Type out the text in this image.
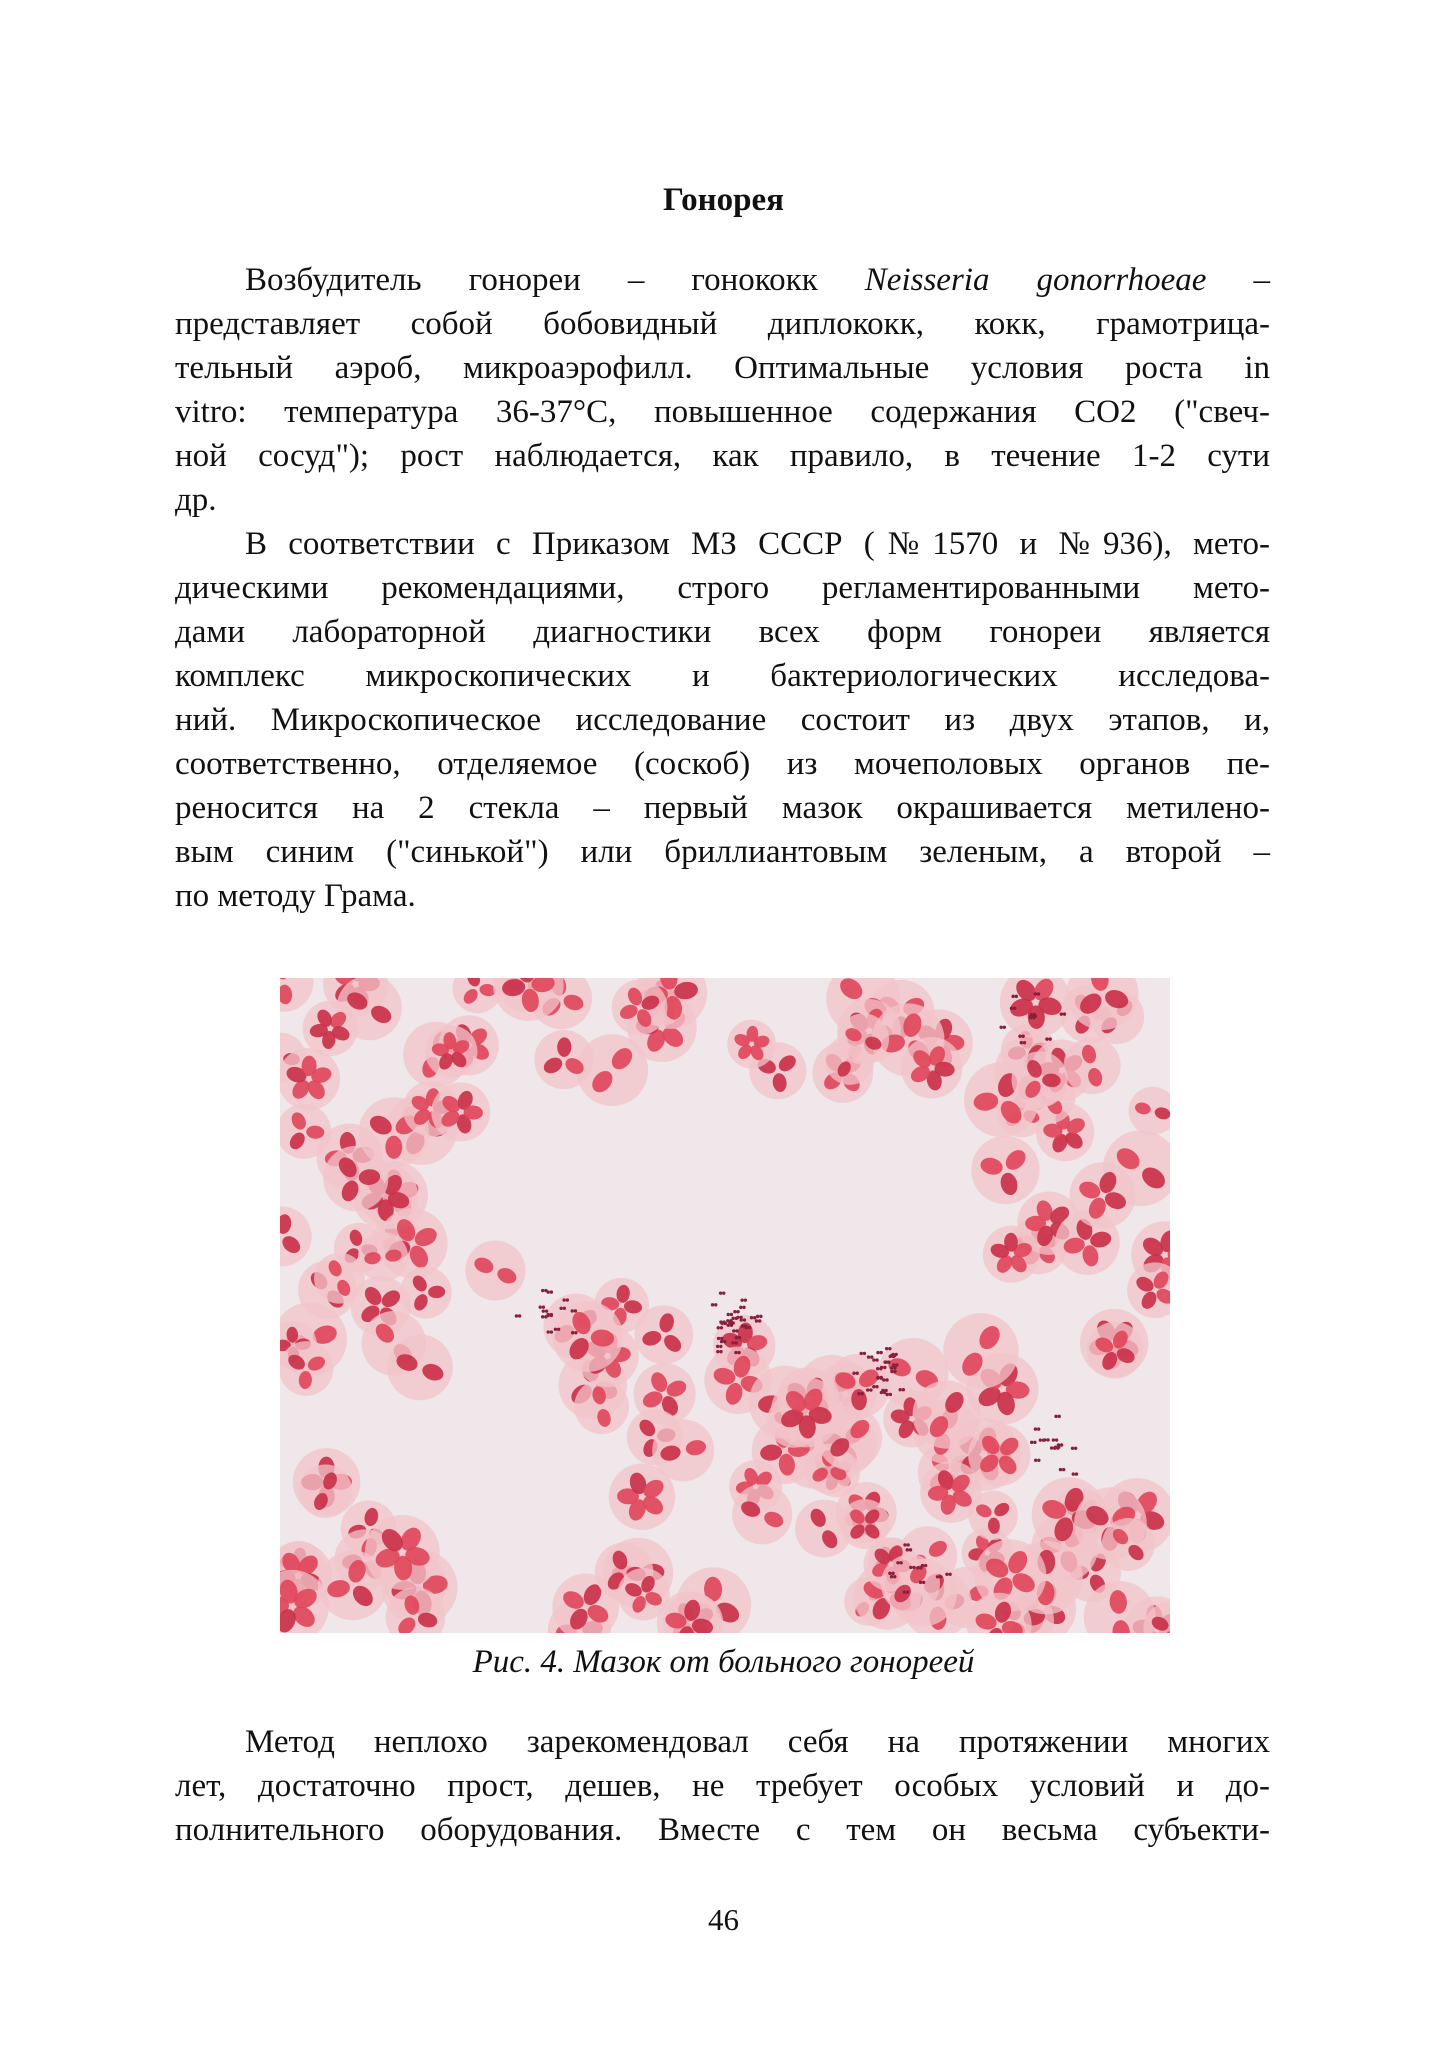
Гонорея
Возбудитель гонореи – гонококк Neisseria gonorrhoeae –
представляет собой бобовидный диплококк, кокк, грамотрица-
тельный аэроб, микроаэрофилл. Оптимальные условия роста in
vitro: температура 36-37°С, повышенное содержания СО2 ("свеч-
ной сосуд"); рост наблюдается, как правило, в течение 1-2 сути
др.
В соответствии с Приказом МЗ СССР (№1570 и №936), мето-
дическими рекомендациями, строго регламентированными мето-
дами лабораторной диагностики всех форм гонореи является
комплекс микроскопических и бактериологических исследова-
ний. Микроскопическое исследование состоит из двух этапов, и,
соответственно, отделяемое (соскоб) из мочеполовых органов пе-
реносится на 2 стекла – первый мазок окрашивается метилено-
вым синим ("синькой") или бриллиантовым зеленым, а второй –
по методу Грама.

Рис. 4. Мазок от больного гонореей

Метод неплохо зарекомендовал себя на протяжении многих
лет, достаточно прост, дешев, не требует особых условий и до-
полнительного оборудования. Вместе с тем он весьма субъекти-

46
